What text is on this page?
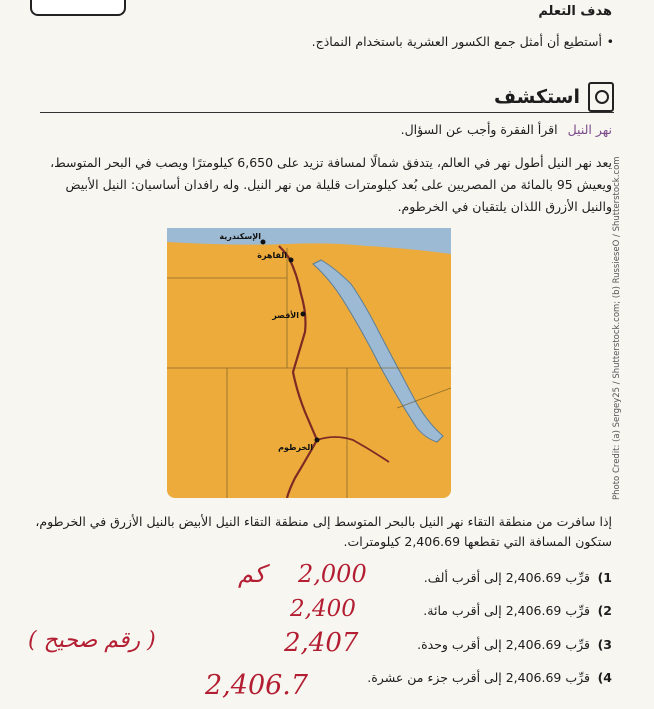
هدف التعلم
• أستطيع أن أمثل جمع الكسور العشرية باستخدام النماذج.
استكشف
نهر النيل اقرأ الفقرة وأجب عن السؤال.
يعد نهر النيل أطول نهر في العالم، يتدفق شمالًا لمسافة تزيد على 6,650 كيلومترًا ويصب في البحر المتوسط، ويعيش 95 بالمائة من المصريين على بُعد كيلومترات قليلة من نهر النيل. وله رافدان أساسيان: النيل الأبيض والنيل الأزرق اللذان يلتقيان في الخرطوم.
الإسكندرية
القاهرة
الأقصر
الخرطوم	Photo Credit: (a) Sergey25 / Shutterstock.com; (b) RussieseO / Shutterstock.com
إذا سافرت من منطقة التقاء نهر النيل بالبحر المتوسط إلى منطقة التقاء النيل الأبيض بالنيل الأزرق في الخرطوم، ستكون المسافة التي تقطعها 2,406.69 كيلومترات.
1)
قرِّب 2,406.69 إلى أقرب ألف.
2)
قرِّب 2,406.69 إلى أقرب مائة.
3)
قرِّب 2,406.69 إلى أقرب وحدة.
4)
قرِّب 2,406.69 إلى أقرب جزء من عشرة.
2,000
كم
2,400
2,407
( رقم صحيح )
2,406.7
